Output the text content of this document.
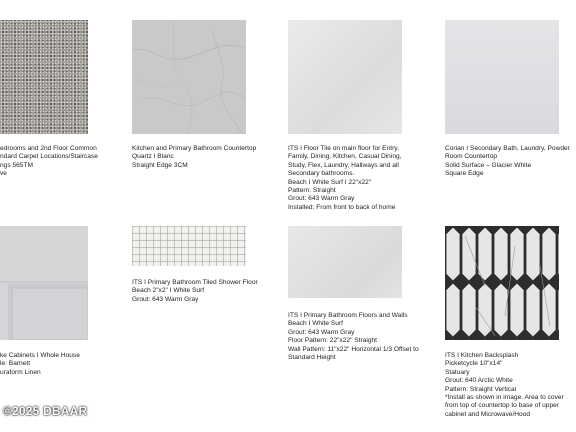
edrooms and 2nd Floor Common
ndard Carpet Locations/Staircase
ngs 565TM
ve
Kitchen and Primary Bathroom Countertop
Quartz I Blanc
Straight Edge 3CM
ITS I Floor Tile on main floor for Entry,
Family, Dining, Kitchen, Casual Dining,
Study, Flex, Laundry, Hallways and all
Secondary bathrooms.
Beach I White Surf I 22"x22"
Pattern: Straight
Grout: 643 Warm Gray
Installed: From front to back of home
Corian I Secondary Bath, Laundry, Powder
Room Countertop
Solid Surface – Glacier White
Square Edge
ke Cabinets I Whole House
le: Barnett
uraform Linen
ITS I Primary Bathroom Tiled Shower Floor
Beach 2"x2" I White Surf
Grout: 643 Warm Gray
ITS I Primary Bathroom Floors and Walls
Beach I White Surf
Grout: 643 Warm Gray
Floor Pattern: 22"x22" Straight
Wall Pattern: 11"x22" Horizontal 1/3 Offset to
Standard Height	ITS I Kitchen Backsplash
Picketcycle 10"x14"
Statuary
Grout: 640 Arctic White
Pattern: Straight Vertical
*Install as shown in image. Area to cover
from top of countertop to base of upper
cabinet and Microwave/Hood
©2025 DBAAR
